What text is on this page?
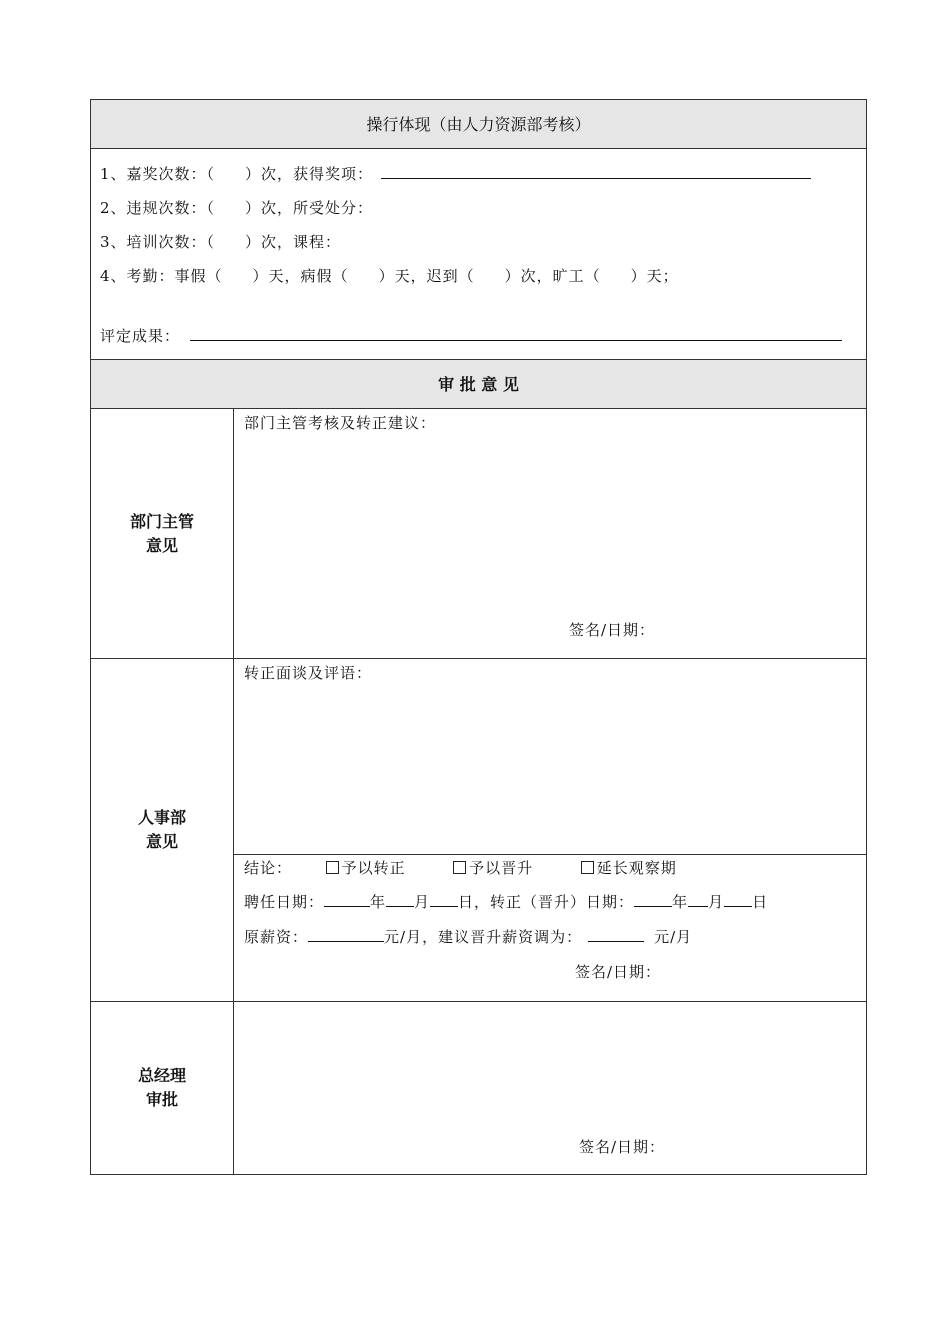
操行体现（由人力资源部考核）
1、嘉奖次数：（ ）次，获得奖项：
2、违规次数：（ ）次，所受处分：
3、培训次数：（ ）次，课程：
4、考勤：事假（ ）天，病假（ ）天，迟到（ ）次，旷工（ ）天；
评定成果：
审 批 意 见
部门主管
意见
部门主管考核及转正建议：
签名/日期：
人事部
意见
转正面谈及评语：
结论：	予以转正	予以晋升	延长观察期
聘任日期：	年 月 日，转正（晋升）日期：	年 月 日
原薪资：	元/月，建议晋升薪资调为：	元/月
签名/日期：
总经理
审批
签名/日期：
